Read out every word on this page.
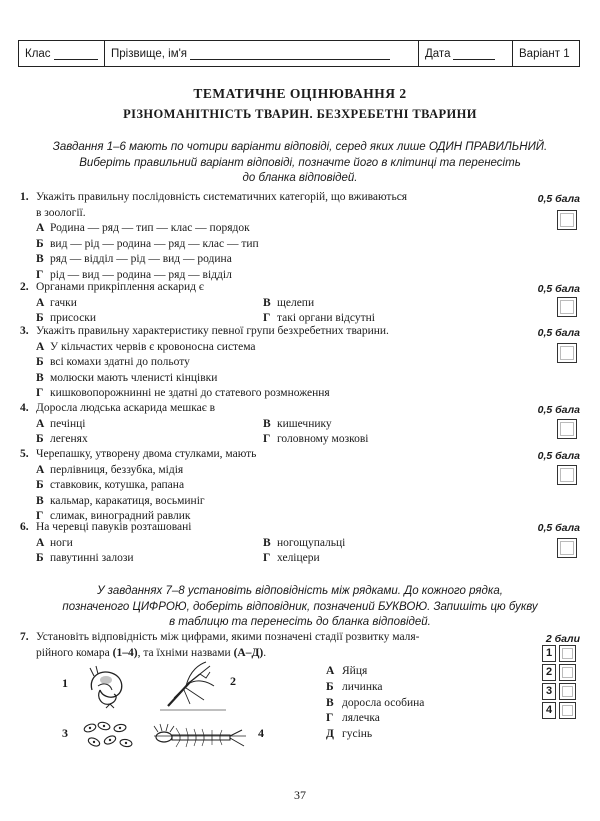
Клас	Прізвище, ім'я	Дата	Варіант 1
ТЕМАТИЧНЕ ОЦІНЮВАННЯ 2
РІЗНОМАНІТНІСТЬ ТВАРИН. БЕЗХРЕБЕТНІ ТВАРИНИ
Завдання 1–6 мають по чотири варіанти відповіді, серед яких лише ОДИН ПРАВИЛЬНИЙ.
Виберіть правильний варіант відповіді, позначте його в клітинці та перенесіть
до бланка відповідей.
1. Укажіть правильну послідовність систематичних категорій, що вживаються
в зоології.
А Родина — ряд — тип — клас — порядок
Б вид — рід — родина — ряд — клас — тип
В ряд — відділ — рід — вид — родина
Г рід — вид — родина — ряд — відділ
0,5 бала
2. Органами прикріплення аскарид є
А гачки	В щелепи
Б присоски	Г такі органи відсутні
0,5 бала
3. Укажіть правильну характеристику певної групи безхребетних тварини.
А У кільчастих червів є кровоносна система
Б всі комахи здатні до польоту
В молюски мають членисті кінцівки
Г кишковопорожнинні не здатні до статевого розмноження
0,5 бала
4. Доросла людська аскарида мешкає в
А печінці	В кишечнику
Б легенях	Г головному мозкові
0,5 бала
5. Черепашку, утворену двома стулками, мають
А перлівниця, беззубка, мідія
Б ставковик, котушка, рапана
В кальмар, каракатиця, восьминіг
Г слимак, виноградний равлик
0,5 бала
6. На черевці павуків розташовані
А ноги	В ногощупальці
Б павутинні залози	Г хеліцери
0,5 бала
У завданнях 7–8 установіть відповідність між рядками. До кожного рядка,
позначеного ЦИФРОЮ, доберіть відповідник, позначений БУКВОЮ. Запишіть цю букву
в таблицю та перенесіть до бланка відповідей.
7. Установіть відповідність між цифрами, якими позначені стадії розвитку маля-
рійного комара (1–4), та їхніми назвами (А–Д).
2 бали
1
2
3
4
1	2
3	4
А Яйця
Б личинка
В доросла особина
Г лялечка
Д гусінь
37
